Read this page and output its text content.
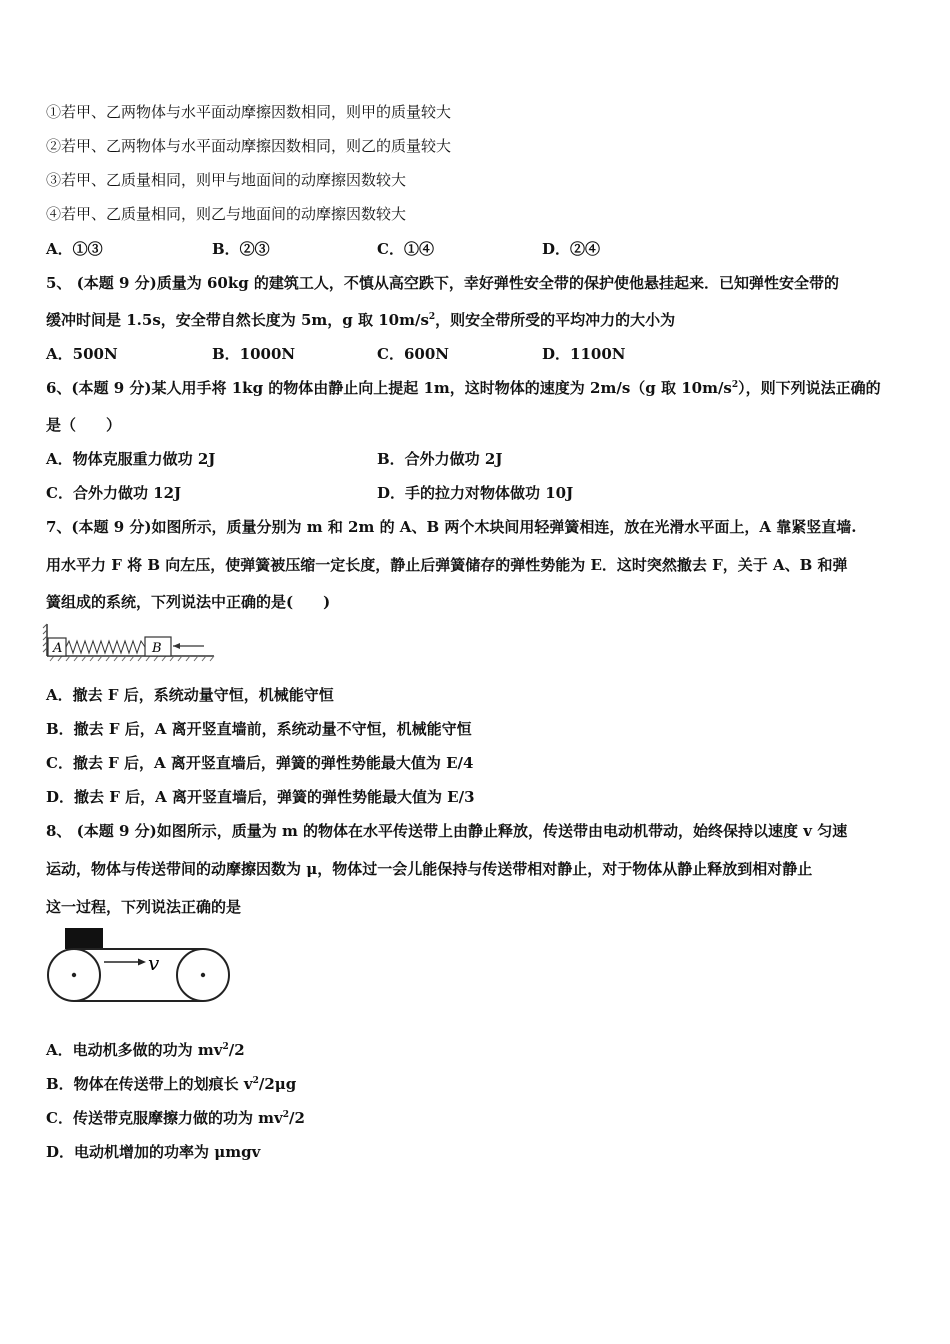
①若甲、乙两物体与水平面动摩擦因数相同，则甲的质量较大
②若甲、乙两物体与水平面动摩擦因数相同，则乙的质量较大
③若甲、乙质量相同，则甲与地面间的动摩擦因数较大
④若甲、乙质量相同，则乙与地面间的动摩擦因数较大
A．①③	B．②③	C．①④	D．②④
5、 (本题 9 分)质量为 60kg 的建筑工人，不慎从高空跌下，幸好弹性安全带的保护使他悬挂起来．已知弹性安全带的
缓冲时间是 1.5s，安全带自然长度为 5m，g 取 $10m/s^2$，则安全带所受的平均冲力的大小为
A．500N	B．1000N	C．600N	D．1100N
6、(本题 9 分)某人用手将 1kg 的物体由静止向上提起 1m，这时物体的速度为 2m/s（g 取 $10m/s^2$），则下列说法正确的
是（　　）
A．物体克服重力做功 2J	B．合外力做功 2J
C．合外力做功 12J	D．手的拉力对物体做功 10J
7、(本题 9 分)如图所示，质量分别为 m 和 2m 的 A、B 两个木块间用轻弹簧相连，放在光滑水平面上，A 靠紧竖直墙.
用水平力 F 将 B 向左压，使弹簧被压缩一定长度，静止后弹簧储存的弹性势能为 E．这时突然撤去 F，关于 A、B 和弹
簧组成的系统，下列说法中正确的是(　　)
A	B
A．撤去 F 后，系统动量守恒，机械能守恒
B．撤去 F 后，A 离开竖直墙前，系统动量不守恒，机械能守恒
C．撤去 F 后，A 离开竖直墙后，弹簧的弹性势能最大值为 E/4
D．撤去 F 后，A 离开竖直墙后，弹簧的弹性势能最大值为 E/3
8、 (本题 9 分)如图所示，质量为 m 的物体在水平传送带上由静止释放，传送带由电动机带动，始终保持以速度 v 匀速
运动，物体与传送带间的动摩擦因数为 μ，物体过一会儿能保持与传送带相对静止，对于物体从静止释放到相对静止
这一过程，下列说法正确的是
v
A．电动机多做的功为 $mv^2/2$
B．物体在传送带上的划痕长 $v^2/2\mu g$
C．传送带克服摩擦力做的功为 $mv^2/2$
D．电动机增加的功率为 μmgv
